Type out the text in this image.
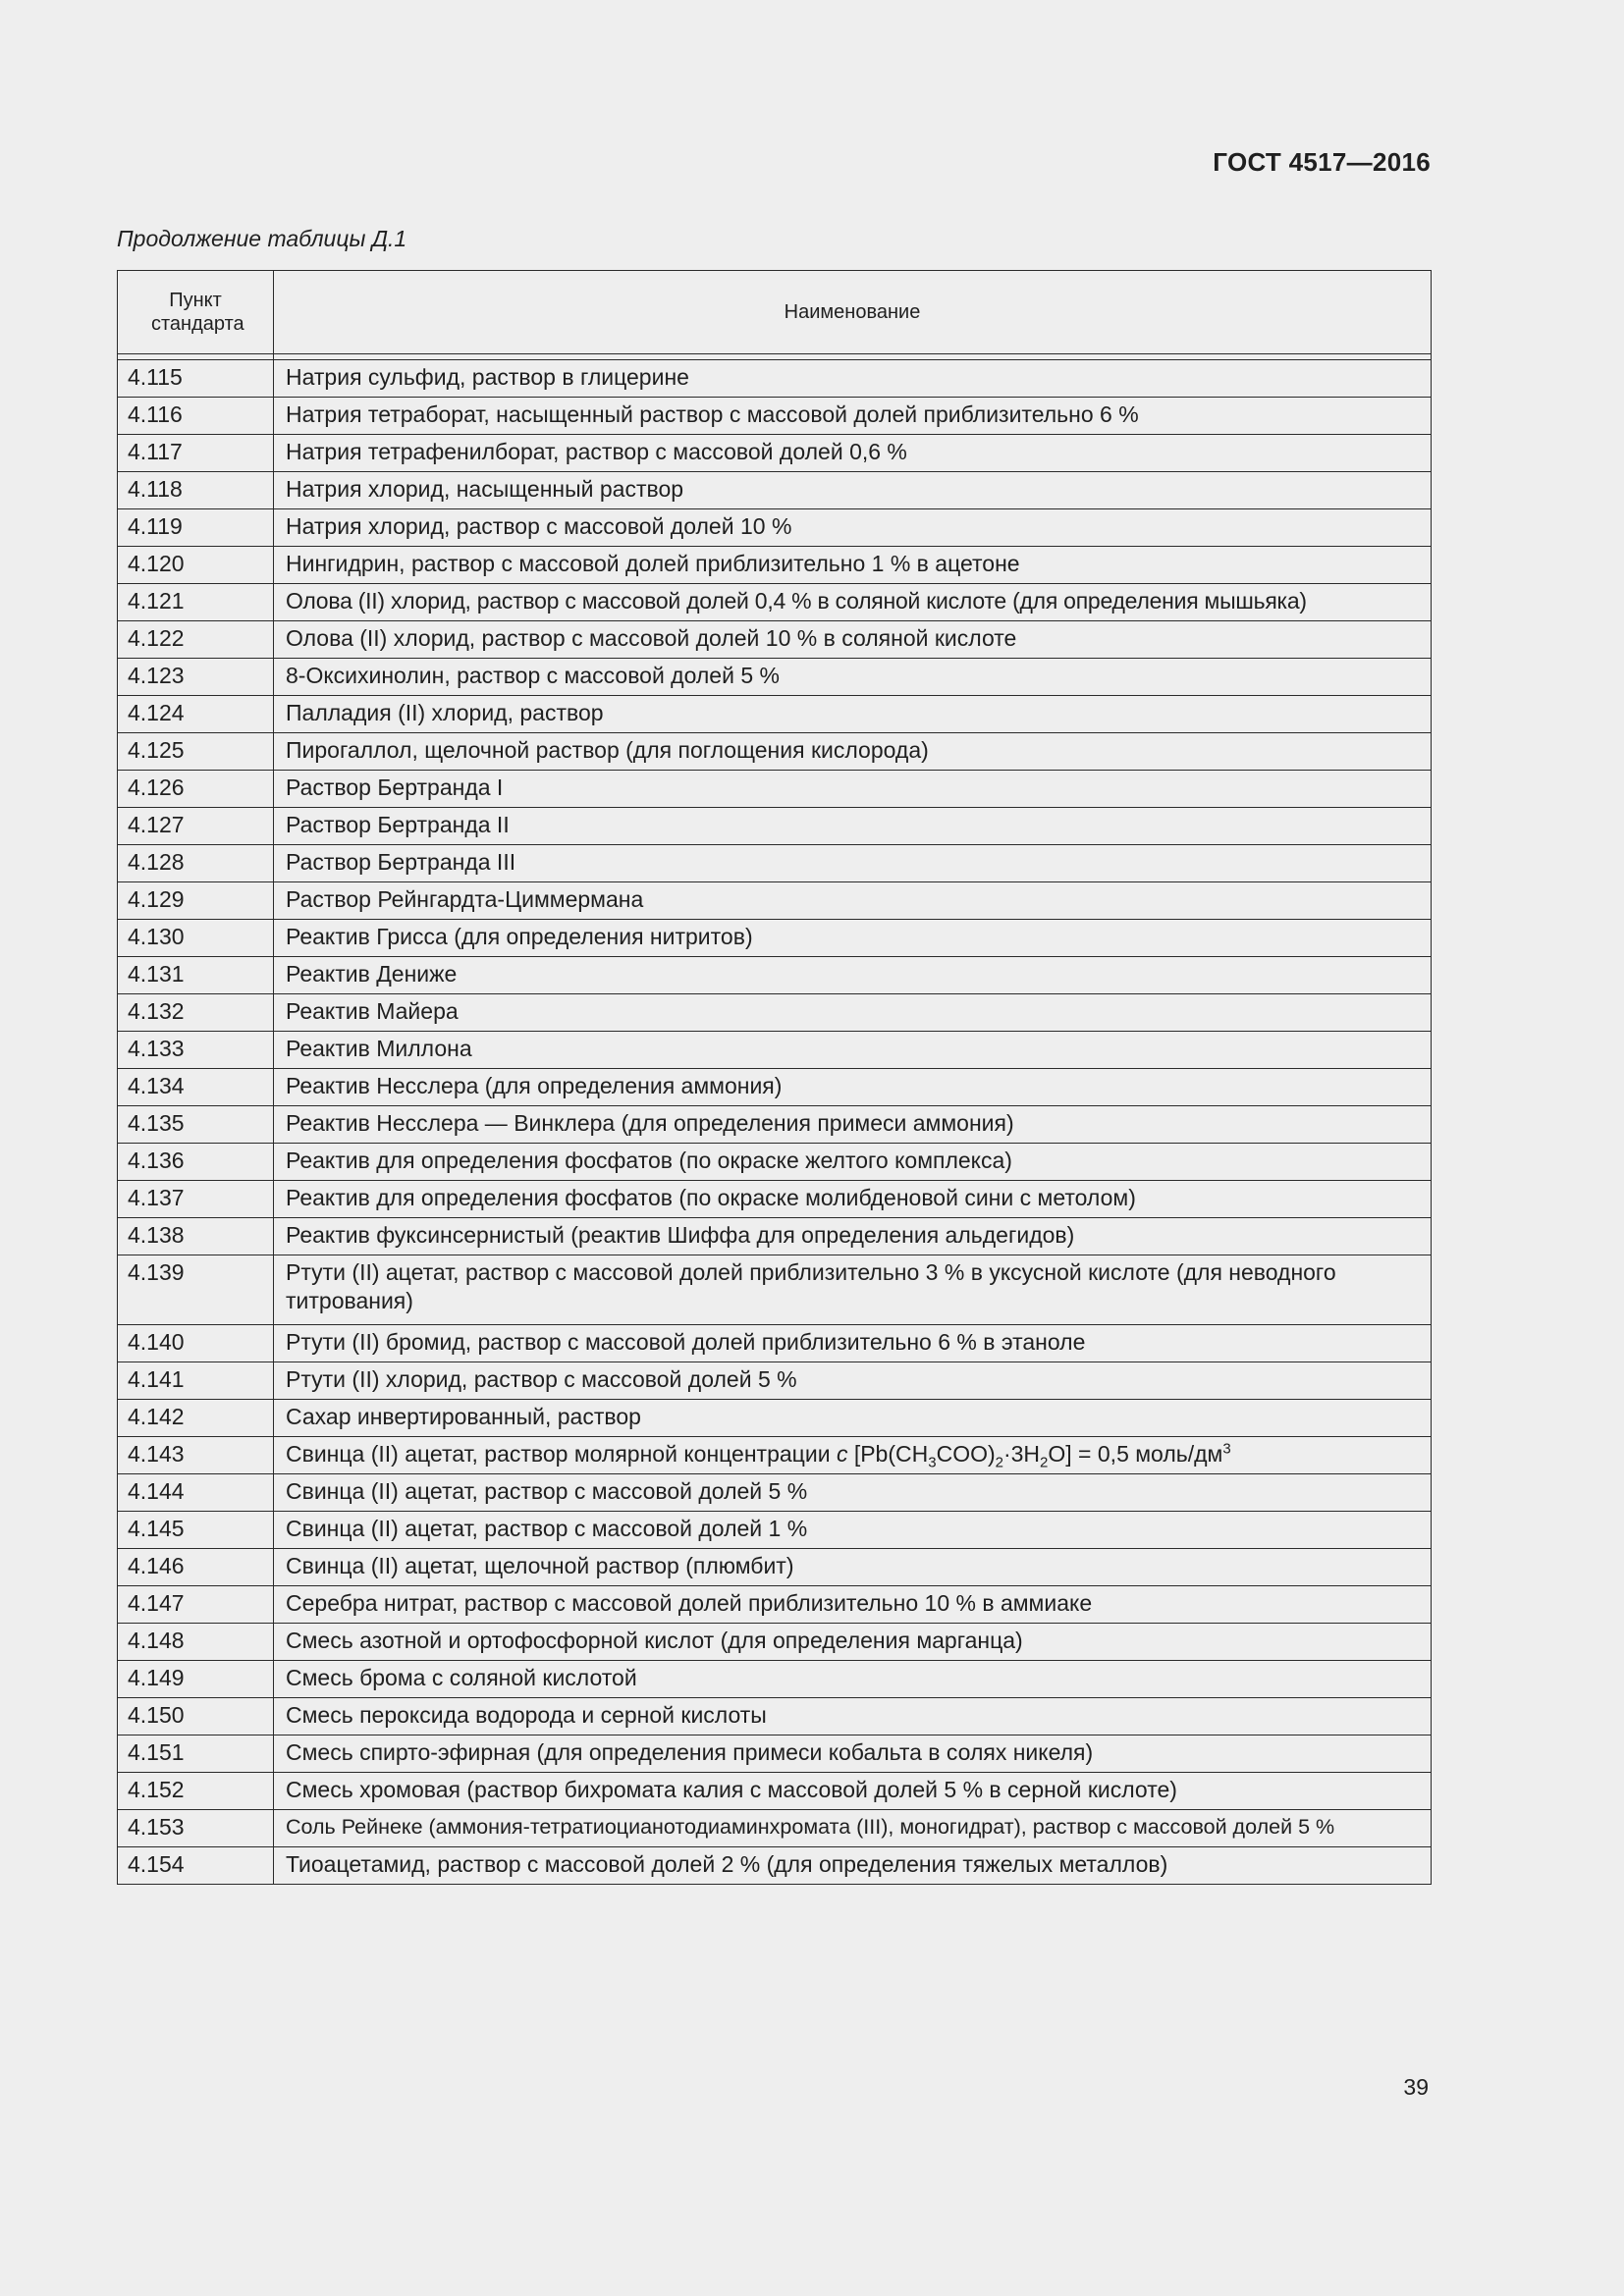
ГОСТ 4517—2016
Продолжение таблицы Д.1
Пункт стандарта	Наименование

4.115	Натрия сульфид, раствор в глицерине
4.116	Натрия тетраборат, насыщенный раствор с массовой долей приблизительно 6 %
4.117	Натрия тетрафенилборат, раствор с массовой долей 0,6 %
4.118	Натрия хлорид, насыщенный раствор
4.119	Натрия хлорид, раствор с массовой долей 10 %
4.120	Нингидрин, раствор с массовой долей приблизительно 1 % в ацетоне
4.121	Олова (II) хлорид, раствор с массовой долей 0,4 % в соляной кислоте (для определения мышьяка)
4.122	Олова (II) хлорид, раствор с массовой долей 10 % в соляной кислоте
4.123	8-Оксихинолин, раствор с массовой долей 5 %
4.124	Палладия (II) хлорид, раствор
4.125	Пирогаллол, щелочной раствор (для поглощения кислорода)
4.126	Раствор Бертранда I
4.127	Раствор Бертранда II
4.128	Раствор Бертранда III
4.129	Раствор Рейнгардта-Циммермана
4.130	Реактив Грисса (для определения нитритов)
4.131	Реактив Дениже
4.132	Реактив Майера
4.133	Реактив Миллона
4.134	Реактив Несслера (для определения аммония)
4.135	Реактив Несслера — Винклера (для определения примеси аммония)
4.136	Реактив для определения фосфатов (по окраске желтого комплекса)
4.137	Реактив для определения фосфатов (по окраске молибденовой сини с метолом)
4.138	Реактив фуксинсернистый (реактив Шиффа для определения альдегидов)
4.139	Ртути (II) ацетат, раствор с массовой долей приблизительно 3 % в уксусной кислоте (для неводного титрования)
4.140	Ртути (II) бромид, раствор с массовой долей приблизительно 6 % в этаноле
4.141	Ртути (II) хлорид, раствор с массовой долей 5 %
4.142	Сахар инвертированный, раствор
4.143	Свинца (II) ацетат, раствор молярной концентрации c $[Pb(CH_3COO)_2\cdot 3H_2O] = 0,5$ моль/$дм^3$
4.144	Свинца (II) ацетат, раствор с массовой долей 5 %
4.145	Свинца (II) ацетат, раствор с массовой долей 1 %
4.146	Свинца (II) ацетат, щелочной раствор (плюмбит)
4.147	Серебра нитрат, раствор с массовой долей приблизительно 10 % в аммиаке
4.148	Смесь азотной и ортофосфорной кислот (для определения марганца)
4.149	Смесь брома с соляной кислотой
4.150	Смесь пероксида водорода и серной кислоты
4.151	Смесь спирто-эфирная (для определения примеси кобальта в солях никеля)
4.152	Смесь хромовая (раствор бихромата калия с массовой долей 5 % в серной кислоте)
4.153	Соль Рейнеке (аммония-тетратиоцианотодиаминхромата (III), моногидрат), раствор с массовой долей 5 %
4.154	Тиоацетамид, раствор с массовой долей 2 % (для определения тяжелых металлов)
39
